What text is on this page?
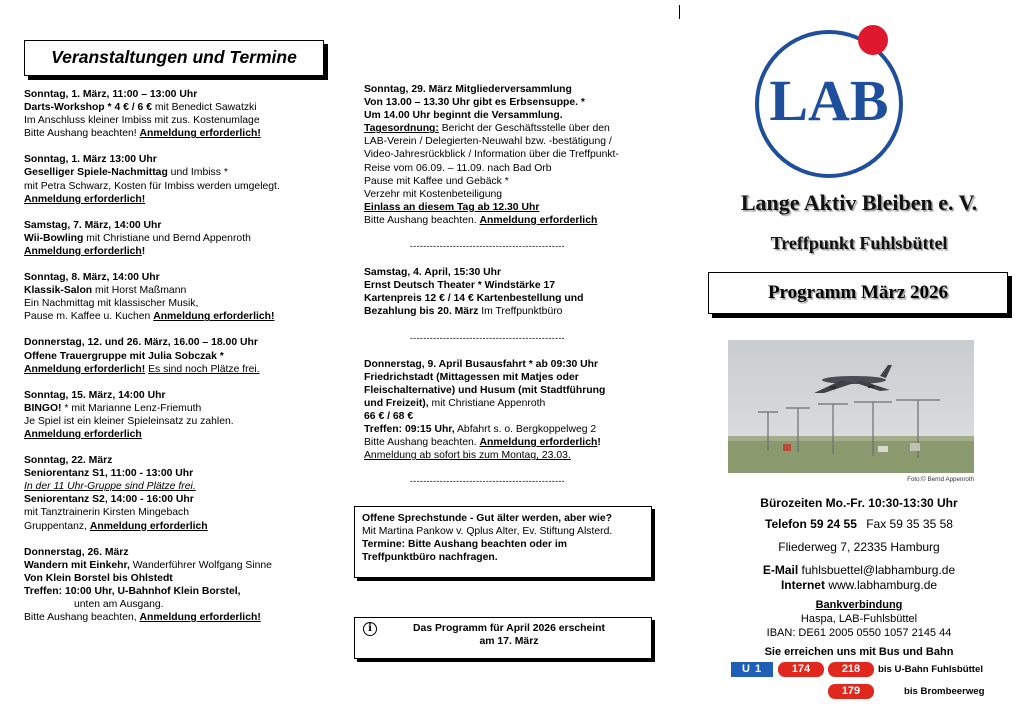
Veranstaltungen und Termine
Sonntag, 1. März, 11:00 – 13:00 Uhr
Darts-Workshop * 4 € / 6 € mit Benedict Sawatzki
Im Anschluss kleiner Imbiss mit zus. Kostenumlage
Bitte Aushang beachten! Anmeldung erforderlich!
Sonntag, 1. März 13:00 Uhr
Geselliger Spiele-Nachmittag und Imbiss *
mit Petra Schwarz, Kosten für Imbiss werden umgelegt.
Anmeldung erforderlich!
Samstag, 7. März, 14:00 Uhr
Wii-Bowling mit Christiane und Bernd Appenroth
Anmeldung erforderlich!
Sonntag, 8. März, 14:00 Uhr
Klassik-Salon mit Horst Maßmann
Ein Nachmittag mit klassischer Musik,
Pause m. Kaffee u. Kuchen Anmeldung erforderlich!
Donnerstag, 12. und 26. März, 16.00 – 18.00 Uhr
Offene Trauergruppe mit Julia Sobczak *
Anmeldung erforderlich! Es sind noch Plätze frei.
Sonntag, 15. März, 14:00 Uhr
BINGO! * mit Marianne Lenz-Friemuth
Je Spiel ist ein kleiner Spieleinsatz zu zahlen.
Anmeldung erforderlich
Sonntag, 22. März
Seniorentanz S1, 11:00 - 13:00 Uhr
In der 11 Uhr-Gruppe sind Plätze frei.
Seniorentanz S2, 14:00 - 16:00 Uhr
mit Tanztrainerin Kirsten Mingebach
Gruppentanz, Anmeldung erforderlich
Donnerstag, 26. März
Wandern mit Einkehr, Wanderführer Wolfgang Sinne
Von Klein Borstel bis Ohlstedt
Treffen: 10:00 Uhr, U-Bahnhof Klein Borstel,
unten am Ausgang.
Bitte Aushang beachten, Anmeldung erforderlich!
Sonntag, 29. März Mitgliederversammlung
Von 13.00 – 13.30 Uhr gibt es Erbsensuppe. *
Um 14.00 Uhr beginnt die Versammlung.
Tagesordnung: Bericht der Geschäftsstelle über den
LAB-Verein / Delegierten-Neuwahl bzw. -bestätigung /
Video-Jahresrückblick / Information über die Treffpunkt-
Reise vom 06.09. – 11.09. nach Bad Orb
Pause mit Kaffee und Gebäck *
Verzehr mit Kostenbeteiligung
Einlass an diesem Tag ab 12.30 Uhr
Bitte Aushang beachten. Anmeldung erforderlich
-----------------------------------------------
Samstag, 4. April, 15:30 Uhr
Ernst Deutsch Theater * Windstärke 17
Kartenpreis 12 € / 14 € Kartenbestellung und
Bezahlung bis 20. März Im Treffpunktbüro
-----------------------------------------------
Donnerstag, 9. April Busausfahrt * ab 09:30 Uhr
Friedrichstadt (Mittagessen mit Matjes oder
Fleischalternative) und Husum (mit Stadtführung
und Freizeit), mit Christiane Appenroth
66 € / 68 €
Treffen: 09:15 Uhr, Abfahrt s. o. Bergkoppelweg 2
Bitte Aushang beachten. Anmeldung erforderlich!
Anmeldung ab sofort bis zum Montag, 23.03.
-----------------------------------------------
Offene Sprechstunde - Gut älter werden, aber wie?
Mit Martina Pankow v. Qplus Alter, Ev. Stiftung Alsterd.
Termine: Bitte Aushang beachten oder im
Treffpunktbüro nachfragen.
i	Das Programm für April 2026 erscheint
am 17. März
LAB
Lange Aktiv Bleiben e. V.
Treffpunkt Fuhlsbüttel
Programm März 2026
Foto:© Bernd Appenroth
Bürozeiten Mo.-Fr. 10:30-13:30 Uhr
Telefon 59 24 55 Fax 59 35 35 58
Fliederweg 7, 22335 Hamburg
E-Mail fuhlsbuettel@labhamburg.de
Internet www.labhamburg.de
Bankverbindung
Haspa, LAB-Fuhlsbüttel
IBAN: DE61 2005 0550 1057 2145 44
Sie erreichen uns mit Bus und Bahn
U 1	174	218	bis U-Bahn Fuhlsbüttel
179	bis Brombeerweg
